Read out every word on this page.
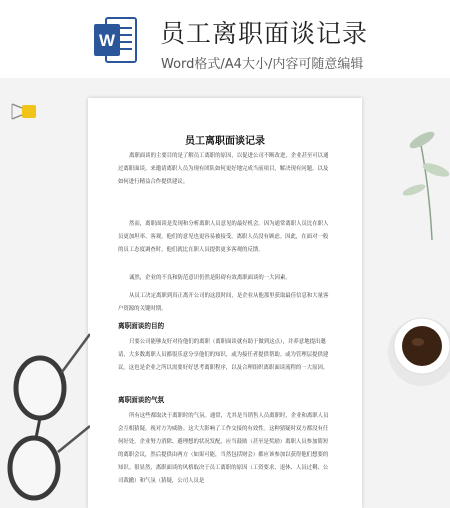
W 员工离职面谈记录
Word格式/A4大小/内容可随意编辑
员工离职面谈记录

离职面谈的主要目的是了解员工离职的原因，以促进公司不断改进，企业甚至可以通过离职面谈，来邀请离职人员为现有团队如何更好地完成当前项目，解决现有问题，以及如何进行精益合作提供建议。

然而，离职面谈是发现和分析离职人员意见的最好机会。因为通常离职人员比在职人员更加坦率、客观，他们的意见也更容易被接受。离职人员没有顾虑。因此，在面对一般的员工态度调查时，他们就比在职人员提供更多客观的反馈。

诚然，企业的不良和防范意识仍然是阻碍有效离职面谈的一大因素。

从员工决定离职到真正离开公司的这段时间，是企业从他那里获取最佳信息和大量客户资源的关键时期。

离职面谈的目的

只要公司能够友好对待他们的离职（离职面谈就有助于做到这点），并养意地提出邀请，大多数离职人员都很乐意分享他们的知识，或为接任者提供帮助。或为管理层提供建议。这也是企业之所以需要好好思考离职程序，以及合理组织离职面谈流程的一大原因。

离职面谈的气氛

所有这些都取决于离职时的气氛。通常，尤其是当销售人员离职时，企业和离职人员会互相猜疑，视对方为威胁。这大大影响了工作交接的有效性。这种猜疑时双方都没有任何好处。企业努力消除、避理想的状况发配，应当鼓励（甚至是奖励）离职人员参加简短的离职会议，然后提供由两方（如果可能，当然包括财会）都应该参加以获得他们想要的知识。很显然，离职面谈的风格取决于员工离职的原因（工资要求、退休、人员过剩、公司裁撤）和气氛（猜疑，公司人员是
